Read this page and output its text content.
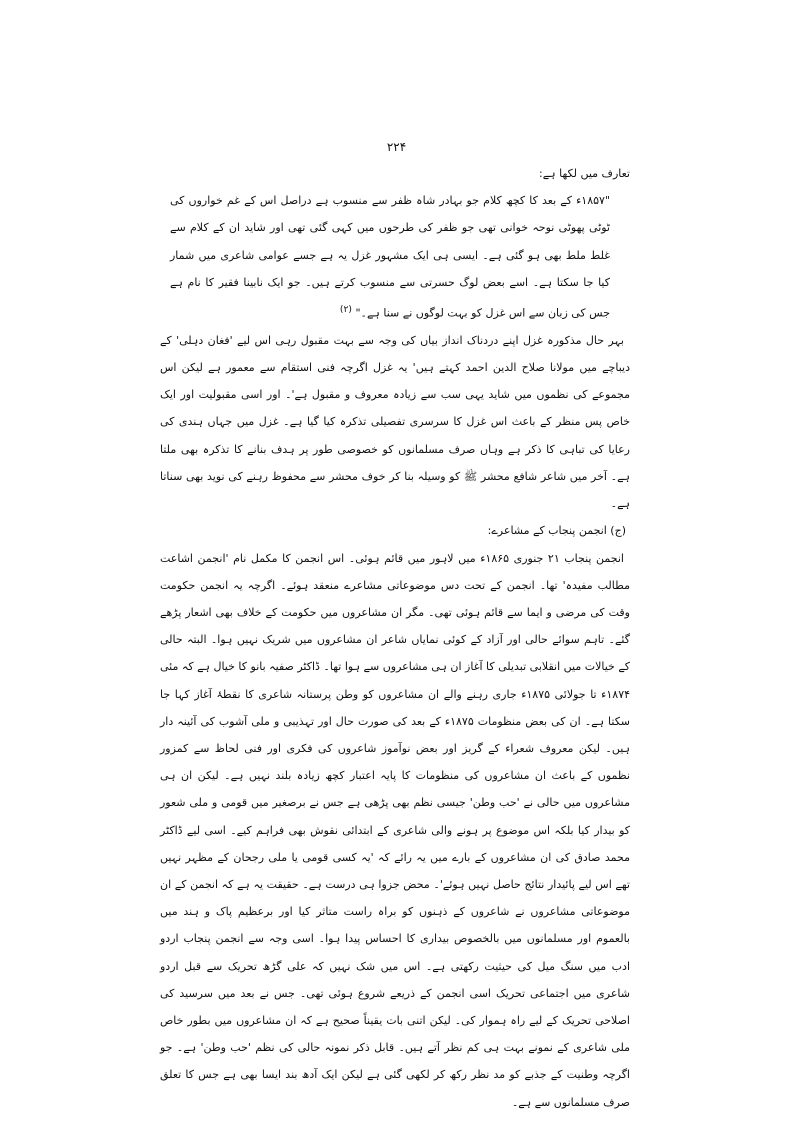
۲۲۴

تعارف میں لکھا ہے:

"۱۸۵۷ء کے بعد کا کچھ کلام جو بہادر شاہ ظفر سے منسوب ہے دراصل اس کے غم خواروں کی ٹوٹی پھوٹی نوحہ خوانی تھی جو ظفر کی طرحوں میں کہی گئی تھی اور شاید ان کے کلام سے غلط ملط بھی ہو گئی ہے۔ ایسی ہی ایک مشہور غزل یہ ہے جسے عوامی شاعری میں شمار کیا جا سکتا ہے۔ اسے بعض لوگ حسرتی سے منسوب کرتے ہیں۔ جو ایک نابینا فقیر کا نام ہے جس کی زبان سے اس غزل کو بہت لوگوں نے سنا ہے۔" $^{(۲)}$

بہر حال مذکورہ غزل اپنے دردناک انداز بیاں کی وجہ سے بہت مقبول رہی اس لیے 'فغان دہلی' کے دیباچے میں مولانا صلاح الدین احمد کہتے ہیں' یہ غزل اگرچہ فنی استقام سے معمور ہے لیکن اس مجموعے کی نظموں میں شاید یہی سب سے زیادہ معروف و مقبول ہے'۔ اور اسی مقبولیت اور ایک خاص پس منظر کے باعث اس غزل کا سرسری تفصیلی تذکرہ کیا گیا ہے۔ غزل میں جہاں ہندی کی رعایا کی تباہی کا ذکر ہے وہاں صرف مسلمانوں کو خصوصی طور پر ہدف بنانے کا تذکرہ بھی ملتا ہے۔ آخر میں شاعر شافع محشر ﷺ کو وسیلہ بنا کر خوف محشر سے محفوظ رہنے کی نوید بھی سناتا ہے۔

(ج) انجمن پنجاب کے مشاعرے:

انجمن پنجاب ۲۱ جنوری ۱۸۶۵ء میں لاہور میں قائم ہوئی۔ اس انجمن کا مکمل نام 'انجمن اشاعت مطالب مفیدہ' تھا۔ انجمن کے تحت دس موضوعاتی مشاعرے منعقد ہوئے۔ اگرچہ یہ انجمن حکومت وقت کی مرضی و ایما سے قائم ہوئی تھی۔ مگر ان مشاعروں میں حکومت کے خلاف بھی اشعار پڑھے گئے۔ تاہم سوائے حالی اور آزاد کے کوئی نمایاں شاعر ان مشاعروں میں شریک نہیں ہوا۔ البتہ حالی کے خیالات میں انقلابی تبدیلی کا آغاز ان ہی مشاعروں سے ہوا تھا۔ ڈاکٹر صفیہ بانو کا خیال ہے کہ مئی ۱۸۷۴ء تا جولائی ۱۸۷۵ء جاری رہنے والے ان مشاعروں کو وطن پرستانہ شاعری کا نقطۂ آغاز کہا جا سکتا ہے۔ ان کی بعض منظومات ۱۸۷۵ء کے بعد کی صورت حال اور تہذیبی و ملی آشوب کی آئینہ دار ہیں۔ لیکن معروف شعراء کے گریز اور بعض نوآموز شاعروں کی فکری اور فنی لحاظ سے کمزور نظموں کے باعث ان مشاعروں کی منظومات کا پایہ اعتبار کچھ زیادہ بلند نہیں ہے۔ لیکن ان ہی مشاعروں میں حالی نے 'حب وطن' جیسی نظم بھی پڑھی ہے جس نے برصغیر میں قومی و ملی شعور کو بیدار کیا بلکہ اس موضوع پر ہونے والی شاعری کے ابتدائی نقوش بھی فراہم کیے۔ اسی لیے ڈاکٹر محمد صادق کی ان مشاعروں کے بارے میں یہ رائے کہ 'یہ کسی قومی یا ملی رجحان کے مظہر نہیں تھے اس لیے پائیدار نتائج حاصل نہیں ہوئے'۔ محض جزوا ہی درست ہے۔ حقیقت یہ ہے کہ انجمن کے ان موضوعاتی مشاعروں نے شاعروں کے ذہنوں کو براہ راست متاثر کیا اور برعظیم پاک و ہند میں بالعموم اور مسلمانوں میں بالخصوص بیداری کا احساس پیدا ہوا۔ اسی وجہ سے انجمن پنجاب اردو ادب میں سنگ میل کی حیثیت رکھتی ہے۔ اس میں شک نہیں کہ علی گڑھ تحریک سے قبل اردو شاعری میں اجتماعی تحریک اسی انجمن کے ذریعے شروع ہوئی تھی۔ جس نے بعد میں سرسید کی اصلاحی تحریک کے لیے راہ ہموار کی۔ لیکن اتنی بات یقیناً صحیح ہے کہ ان مشاعروں میں بطور خاص ملی شاعری کے نمونے بہت ہی کم نظر آتے ہیں۔ قابل ذکر نمونہ حالی کی نظم 'حب وطن' ہے۔ جو اگرچہ وطنیت کے جذبے کو مد نظر رکھ کر لکھی گئی ہے لیکن ایک آدھ بند ایسا بھی ہے جس کا تعلق صرف مسلمانوں سے ہے۔
